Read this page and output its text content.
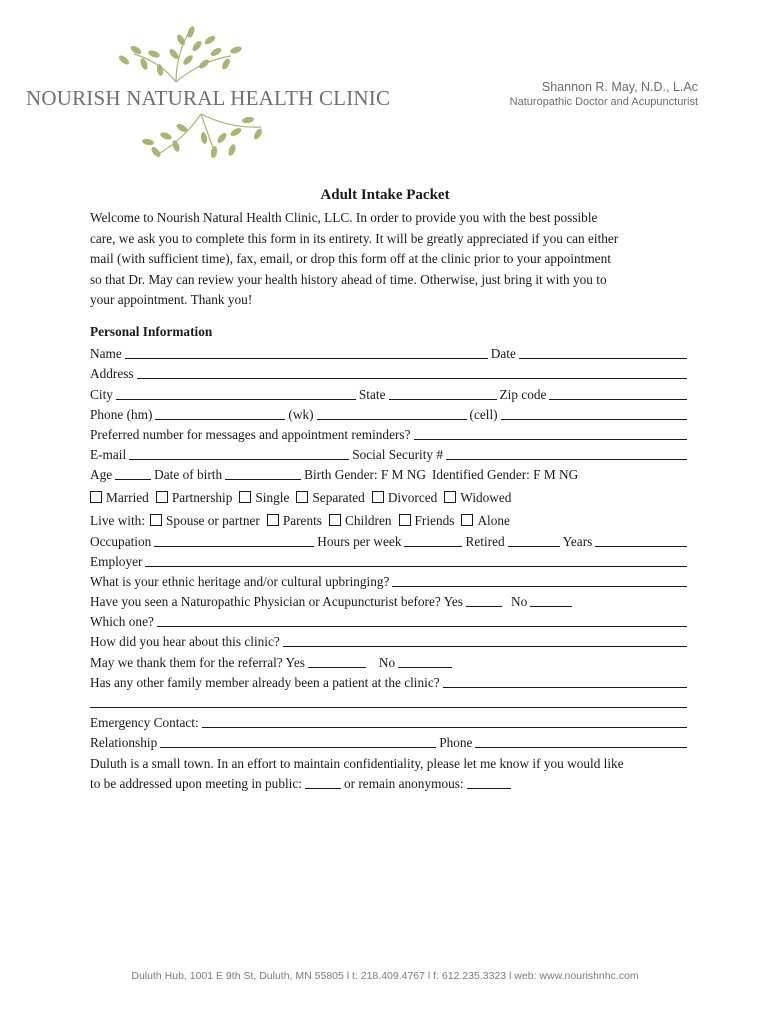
NOURISH NATURAL HEALTH CLINIC	Shannon R. May, N.D., L.Ac
Naturopathic Doctor and Acupuncturist
Adult Intake Packet
Welcome to Nourish Natural Health Clinic, LLC. In order to provide you with the best possible
care, we ask you to complete this form in its entirety. It will be greatly appreciated if you can either
mail (with sufficient time), fax, email, or drop this form off at the clinic prior to your appointment
so that Dr. May can review your health history ahead of time. Otherwise, just bring it with you to
your appointment. Thank you!
Personal Information
Name	Date
Address
City	State	Zip code
Phone (hm)	(wk)	(cell)
Preferred number for messages and appointment reminders?
E-mail	Social Security #
Age	Date of birth	Birth Gender: F M NG Identified Gender: F M NG
Married Partnership Single Separated Divorced Widowed
Live with: Spouse or partner Parents Children Friends Alone
Occupation	Hours per week	Retired	Years
Employer
What is your ethnic heritage and/or cultural upbringing?
Have you seen a Naturopathic Physician or Acupuncturist before? Yes	No
Which one?
How did you hear about this clinic?
May we thank them for the referral? Yes	No
Has any other family member already been a patient at the clinic?
Emergency Contact:
Relationship	Phone
Duluth is a small town. In an effort to maintain confidentiality, please let me know if you would like
to be addressed upon meeting in public:	or remain anonymous:
Duluth Hub, 1001 E 9th St, Duluth, MN 55805 l t: 218.409.4767 l f: 612.235.3323 l web: www.nourishnhc.com
